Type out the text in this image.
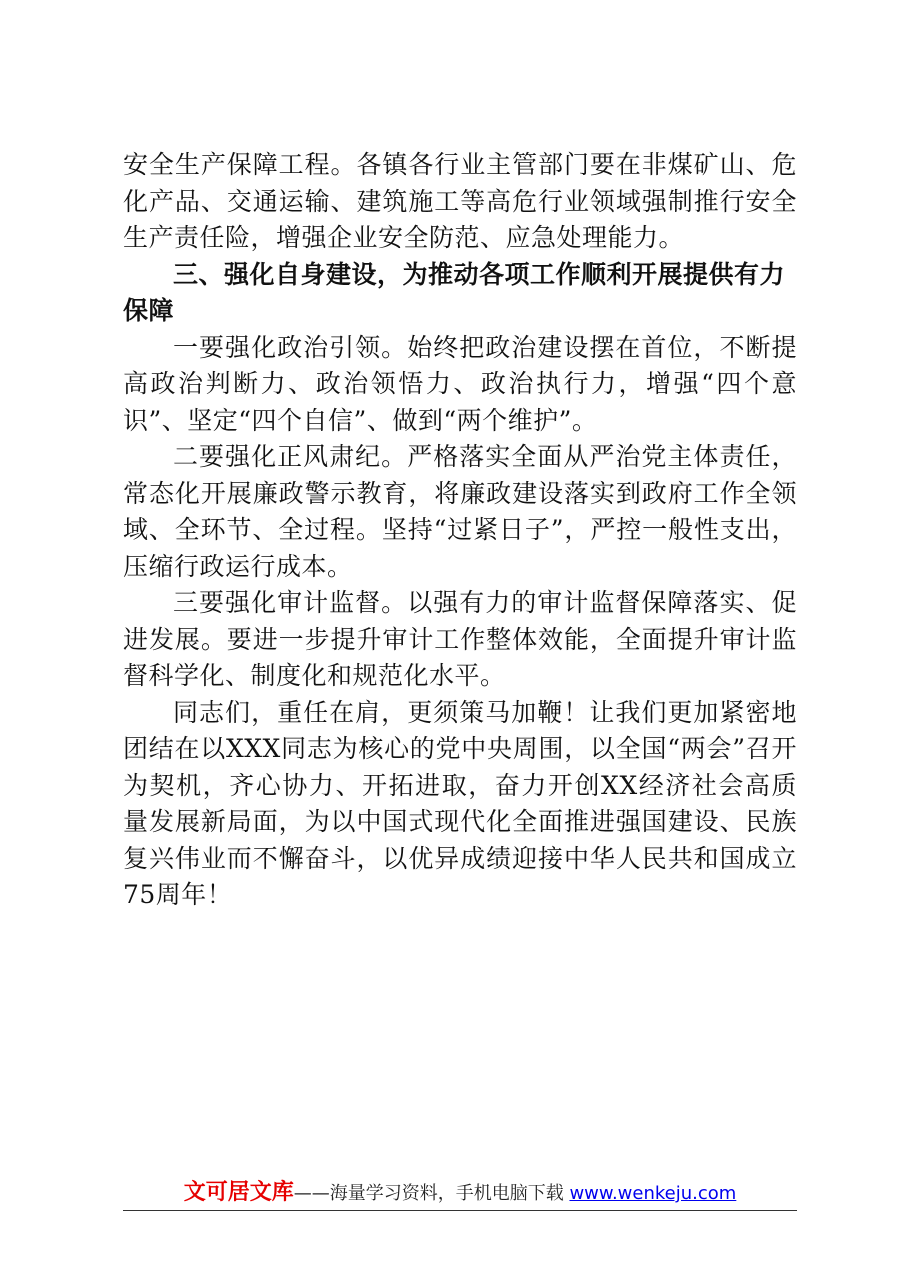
安全生产保障工程。各镇各行业主管部门要在非煤矿山、危化产品、交通运输、建筑施工等高危行业领域强制推行安全生产责任险，增强企业安全防范、应急处理能力。

三、强化自身建设，为推动各项工作顺利开展提供有力保障

一要强化政治引领。始终把政治建设摆在首位，不断提高政治判断力、政治领悟力、政治执行力，增强“四个意识”、坚定“四个自信”、做到“两个维护”。

二要强化正风肃纪。严格落实全面从严治党主体责任，常态化开展廉政警示教育，将廉政建设落实到政府工作全领域、全环节、全过程。坚持“过紧日子”，严控一般性支出，压缩行政运行成本。

三要强化审计监督。以强有力的审计监督保障落实、促进发展。要进一步提升审计工作整体效能，全面提升审计监督科学化、制度化和规范化水平。

同志们，重任在肩，更须策马加鞭！让我们更加紧密地团结在以XXX同志为核心的党中央周围，以全国“两会”召开为契机，齐心协力、开拓进取，奋力开创XX经济社会高质量发展新局面，为以中国式现代化全面推进强国建设、民族复兴伟业而不懈奋斗，以优异成绩迎接中华人民共和国成立75周年！

文可居文库——海量学习资料，手机电脑下载 www.wenkeju.com
